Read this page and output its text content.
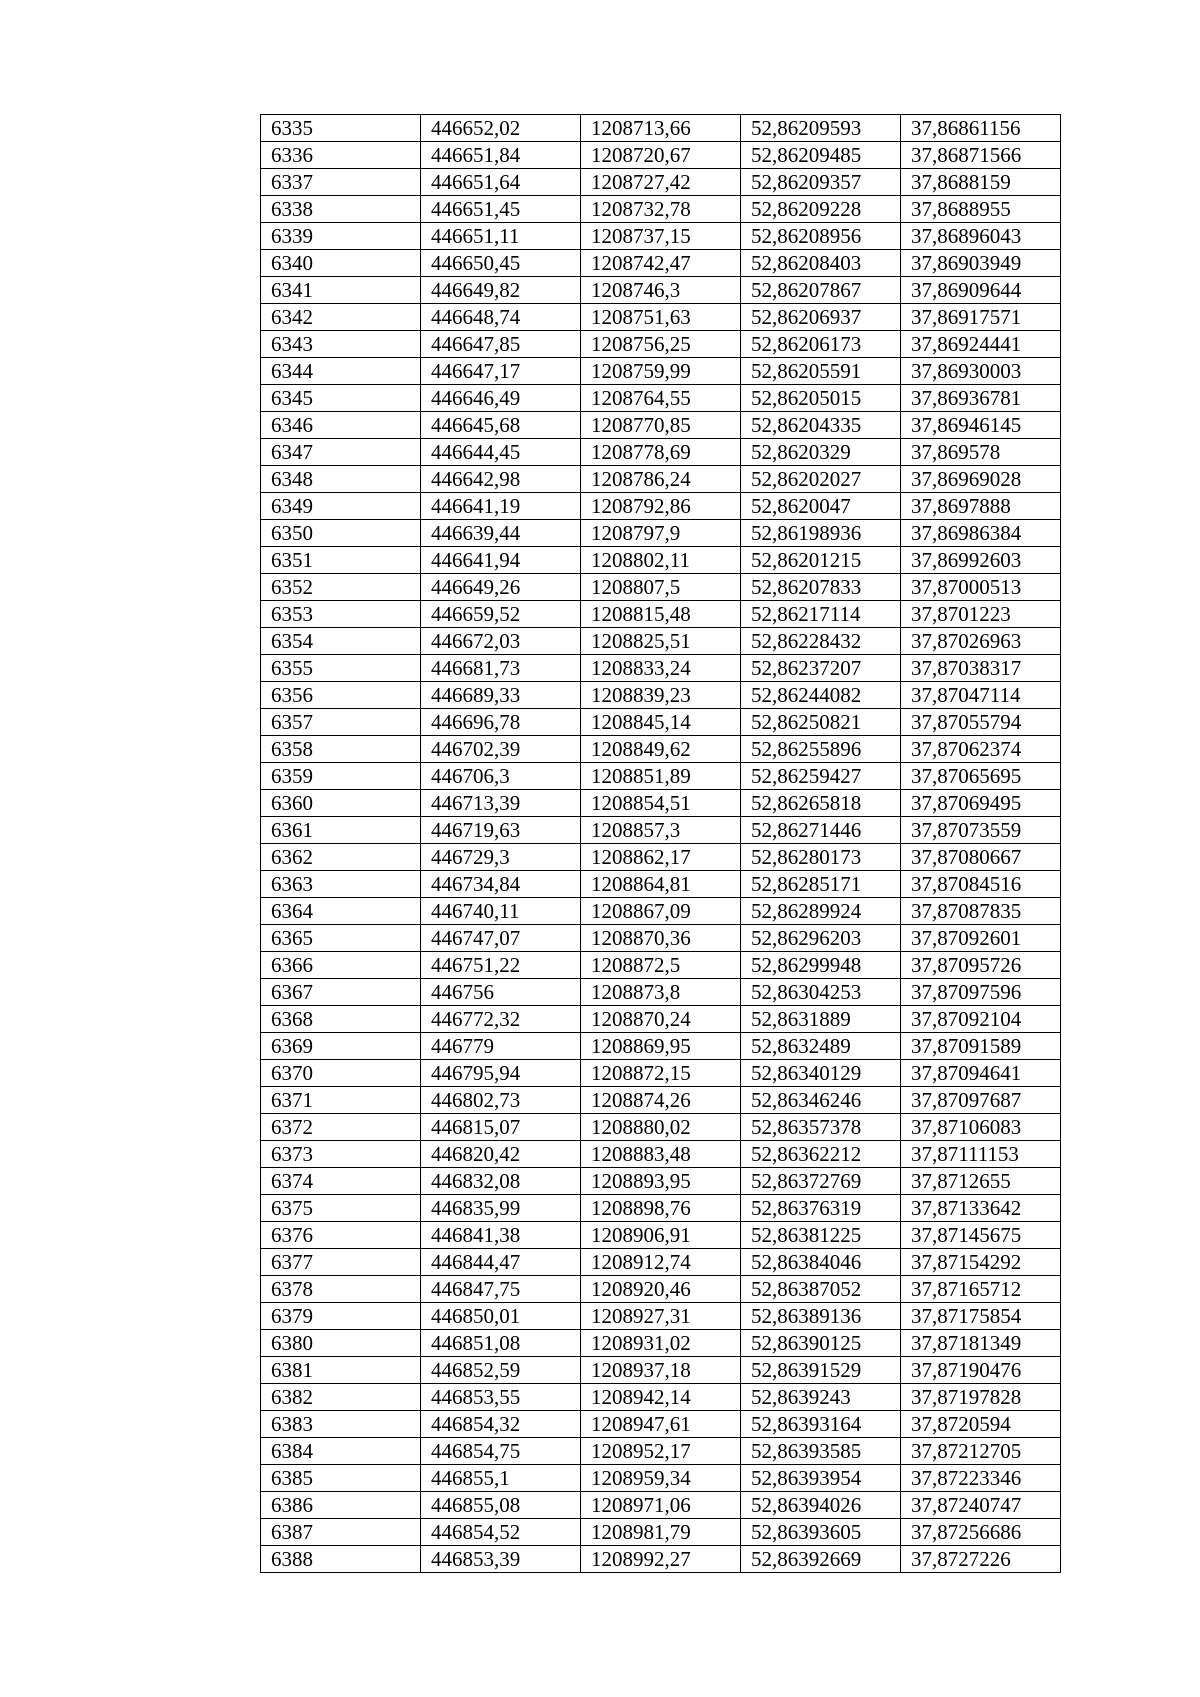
6335	446652,02	1208713,66	52,86209593	37,86861156
6336	446651,84	1208720,67	52,86209485	37,86871566
6337	446651,64	1208727,42	52,86209357	37,8688159
6338	446651,45	1208732,78	52,86209228	37,8688955
6339	446651,11	1208737,15	52,86208956	37,86896043
6340	446650,45	1208742,47	52,86208403	37,86903949
6341	446649,82	1208746,3	52,86207867	37,86909644
6342	446648,74	1208751,63	52,86206937	37,86917571
6343	446647,85	1208756,25	52,86206173	37,86924441
6344	446647,17	1208759,99	52,86205591	37,86930003
6345	446646,49	1208764,55	52,86205015	37,86936781
6346	446645,68	1208770,85	52,86204335	37,86946145
6347	446644,45	1208778,69	52,8620329	37,869578
6348	446642,98	1208786,24	52,86202027	37,86969028
6349	446641,19	1208792,86	52,8620047	37,8697888
6350	446639,44	1208797,9	52,86198936	37,86986384
6351	446641,94	1208802,11	52,86201215	37,86992603
6352	446649,26	1208807,5	52,86207833	37,87000513
6353	446659,52	1208815,48	52,86217114	37,8701223
6354	446672,03	1208825,51	52,86228432	37,87026963
6355	446681,73	1208833,24	52,86237207	37,87038317
6356	446689,33	1208839,23	52,86244082	37,87047114
6357	446696,78	1208845,14	52,86250821	37,87055794
6358	446702,39	1208849,62	52,86255896	37,87062374
6359	446706,3	1208851,89	52,86259427	37,87065695
6360	446713,39	1208854,51	52,86265818	37,87069495
6361	446719,63	1208857,3	52,86271446	37,87073559
6362	446729,3	1208862,17	52,86280173	37,87080667
6363	446734,84	1208864,81	52,86285171	37,87084516
6364	446740,11	1208867,09	52,86289924	37,87087835
6365	446747,07	1208870,36	52,86296203	37,87092601
6366	446751,22	1208872,5	52,86299948	37,87095726
6367	446756	1208873,8	52,86304253	37,87097596
6368	446772,32	1208870,24	52,8631889	37,87092104
6369	446779	1208869,95	52,8632489	37,87091589
6370	446795,94	1208872,15	52,86340129	37,87094641
6371	446802,73	1208874,26	52,86346246	37,87097687
6372	446815,07	1208880,02	52,86357378	37,87106083
6373	446820,42	1208883,48	52,86362212	37,87111153
6374	446832,08	1208893,95	52,86372769	37,8712655
6375	446835,99	1208898,76	52,86376319	37,87133642
6376	446841,38	1208906,91	52,86381225	37,87145675
6377	446844,47	1208912,74	52,86384046	37,87154292
6378	446847,75	1208920,46	52,86387052	37,87165712
6379	446850,01	1208927,31	52,86389136	37,87175854
6380	446851,08	1208931,02	52,86390125	37,87181349
6381	446852,59	1208937,18	52,86391529	37,87190476
6382	446853,55	1208942,14	52,8639243	37,87197828
6383	446854,32	1208947,61	52,86393164	37,8720594
6384	446854,75	1208952,17	52,86393585	37,87212705
6385	446855,1	1208959,34	52,86393954	37,87223346
6386	446855,08	1208971,06	52,86394026	37,87240747
6387	446854,52	1208981,79	52,86393605	37,87256686
6388	446853,39	1208992,27	52,86392669	37,8727226
